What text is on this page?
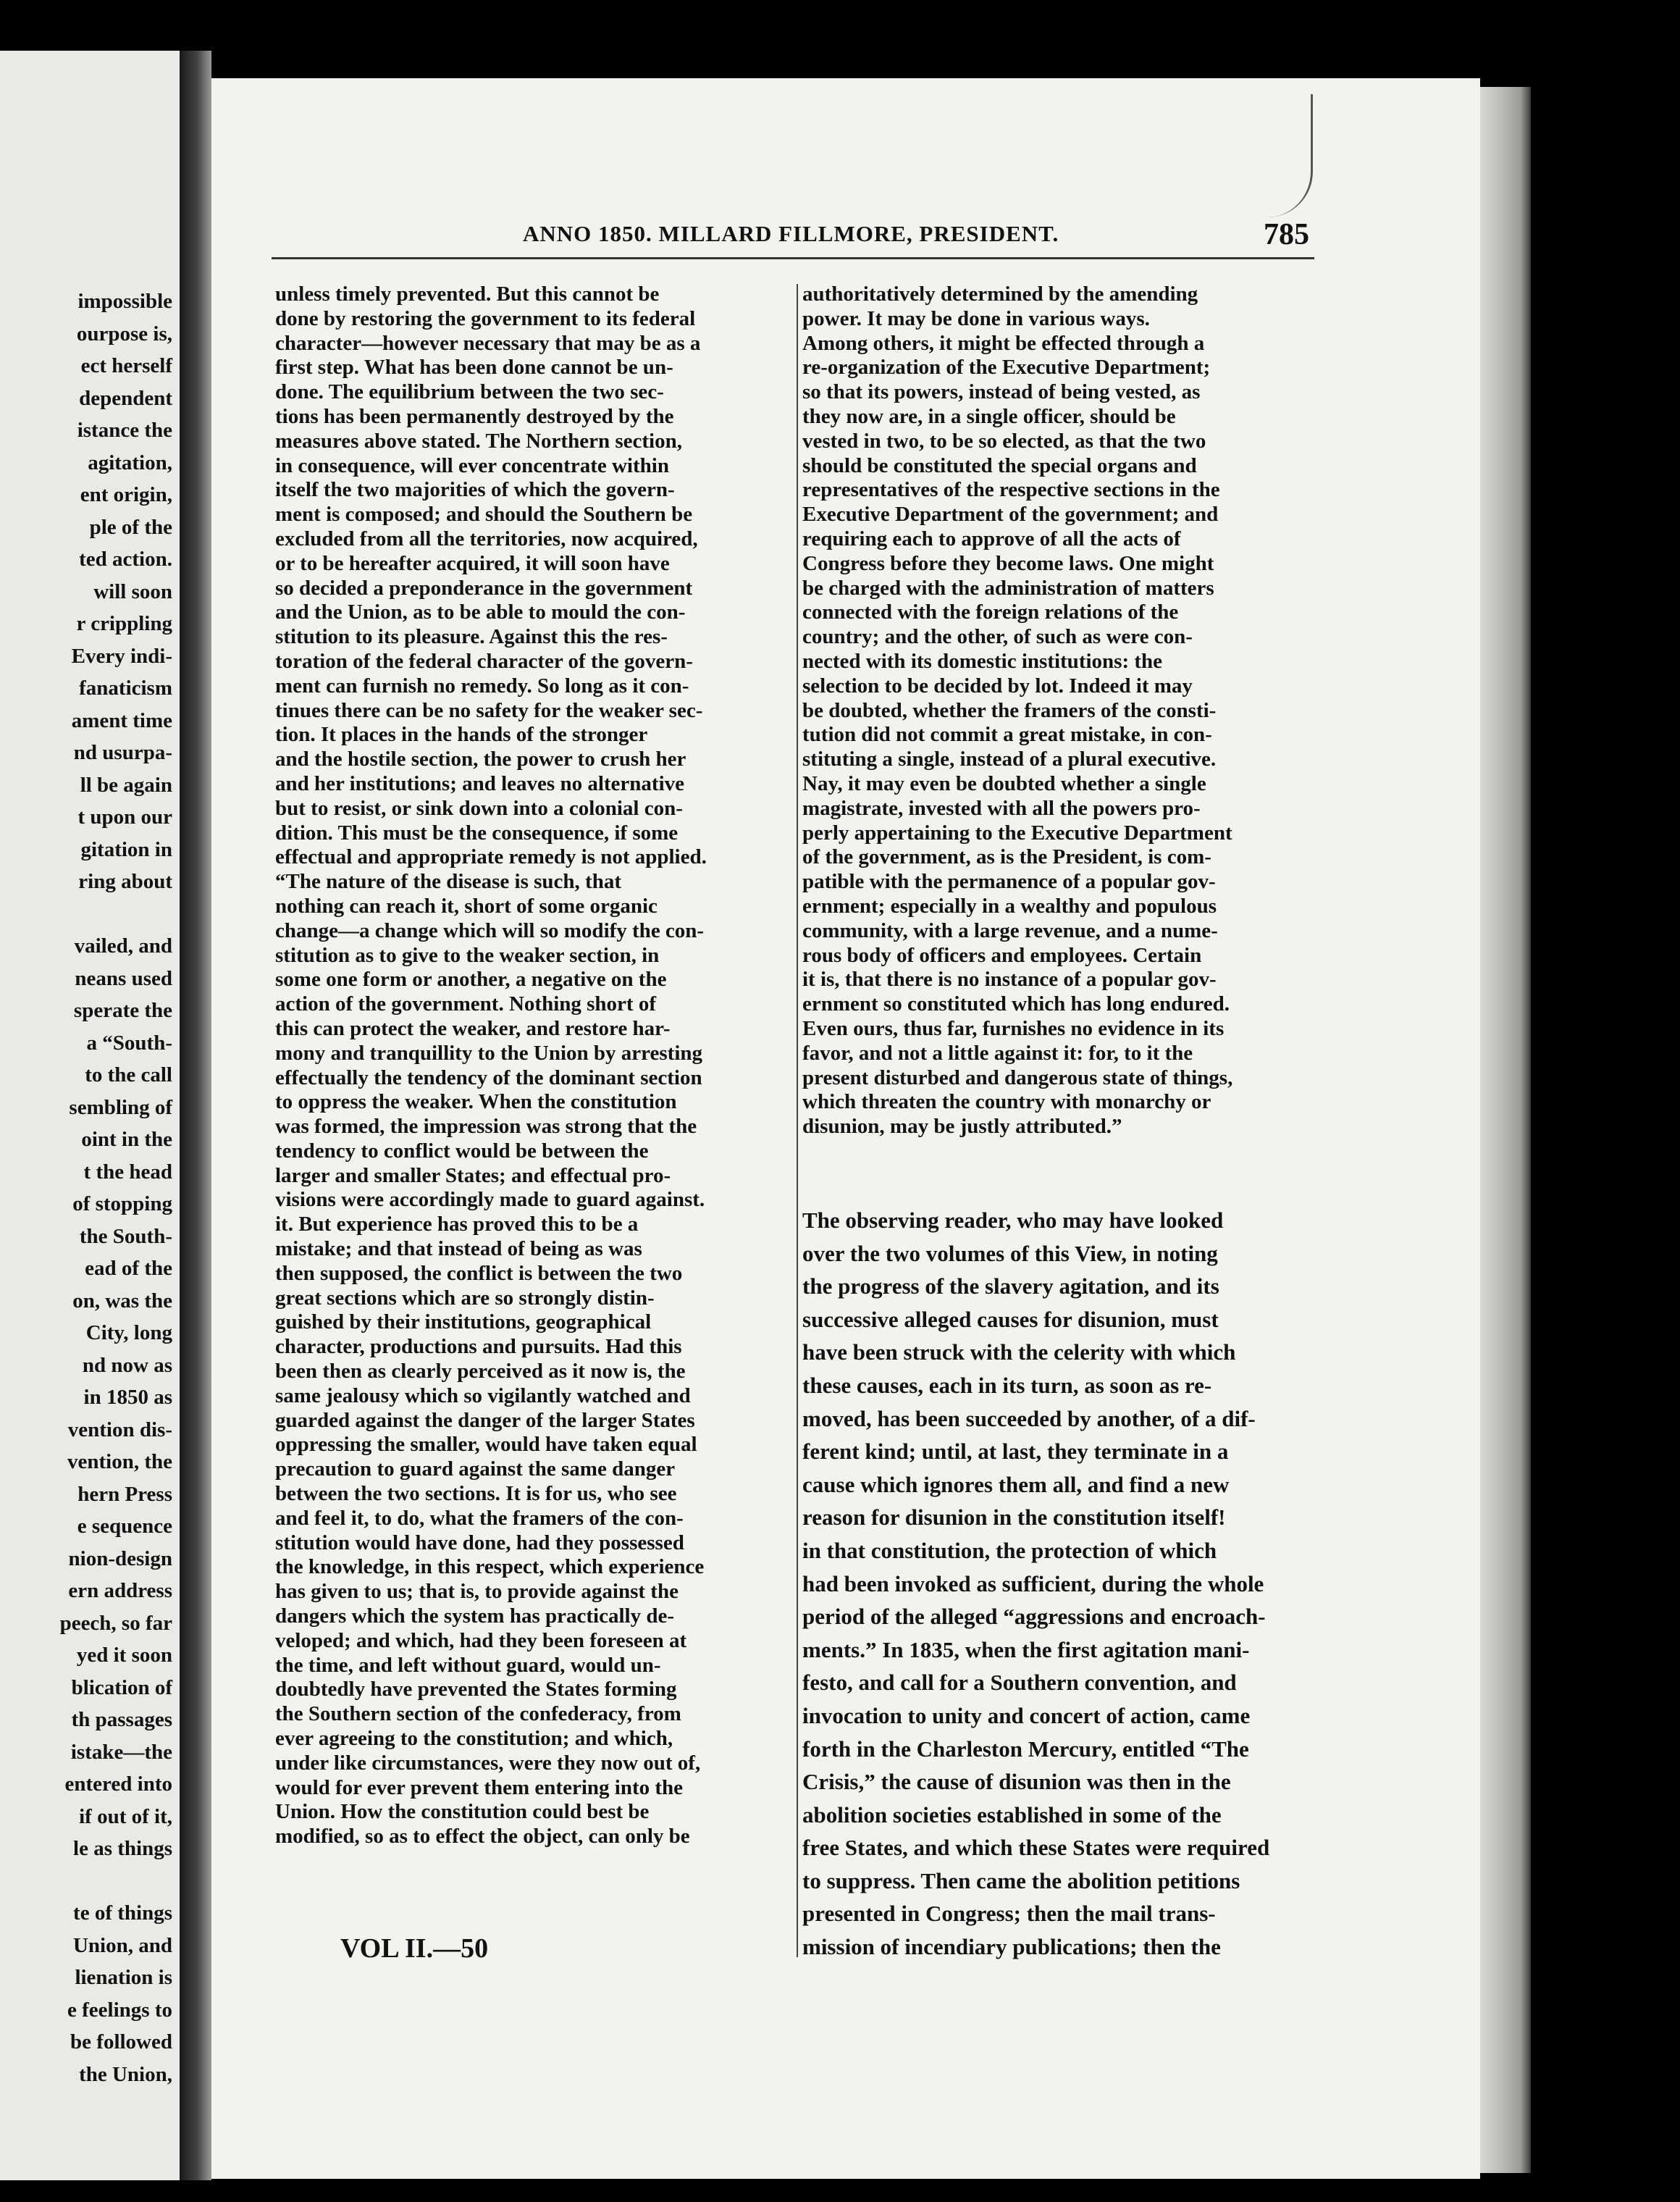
impossible
ourpose is,
ect herself
dependent
istance the
agitation,
ent origin,
ple of the
ted action.
will soon
r crippling
Every indi-
fanaticism
ament time
nd usurpa-
ll be again
t upon our
gitation in
ring about
vailed, and
neans used
sperate the
a “South-
to the call
sembling of
oint in the
t the head
of stopping
the South-
ead of the
on, was the
City, long
nd now as
in 1850 as
vention dis-
vention, the
hern Press
e sequence
nion-design
ern address
peech, so far
yed it soon
blication of
th passages
istake—the
entered into
if out of it,
le as things
te of things
Union, and
lienation is
e feelings to
be followed
the Union,
ANNO 1850. MILLARD FILLMORE, PRESIDENT.	785
unless timely prevented. But this cannot be
done by restoring the government to its federal
character—however necessary that may be as a
first step. What has been done cannot be un-
done. The equilibrium between the two sec-
tions has been permanently destroyed by the
measures above stated. The Northern section,
in consequence, will ever concentrate within
itself the two majorities of which the govern-
ment is composed; and should the Southern be
excluded from all the territories, now acquired,
or to be hereafter acquired, it will soon have
so decided a preponderance in the government
and the Union, as to be able to mould the con-
stitution to its pleasure. Against this the res-
toration of the federal character of the govern-
ment can furnish no remedy. So long as it con-
tinues there can be no safety for the weaker sec-
tion. It places in the hands of the stronger
and the hostile section, the power to crush her
and her institutions; and leaves no alternative
but to resist, or sink down into a colonial con-
dition. This must be the consequence, if some
effectual and appropriate remedy is not applied.
“The nature of the disease is such, that
nothing can reach it, short of some organic
change—a change which will so modify the con-
stitution as to give to the weaker section, in
some one form or another, a negative on the
action of the government. Nothing short of
this can protect the weaker, and restore har-
mony and tranquillity to the Union by arresting
effectually the tendency of the dominant section
to oppress the weaker. When the constitution
was formed, the impression was strong that the
tendency to conflict would be between the
larger and smaller States; and effectual pro-
visions were accordingly made to guard against.
it. But experience has proved this to be a
mistake; and that instead of being as was
then supposed, the conflict is between the two
great sections which are so strongly distin-
guished by their institutions, geographical
character, productions and pursuits. Had this
been then as clearly perceived as it now is, the
same jealousy which so vigilantly watched and
guarded against the danger of the larger States
oppressing the smaller, would have taken equal
precaution to guard against the same danger
between the two sections. It is for us, who see
and feel it, to do, what the framers of the con-
stitution would have done, had they possessed
the knowledge, in this respect, which experience
has given to us; that is, to provide against the
dangers which the system has practically de-
veloped; and which, had they been foreseen at
the time, and left without guard, would un-
doubtedly have prevented the States forming
the Southern section of the confederacy, from
ever agreeing to the constitution; and which,
under like circumstances, were they now out of,
would for ever prevent them entering into the
Union. How the constitution could best be
modified, so as to effect the object, can only be
authoritatively determined by the amending
power. It may be done in various ways.
Among others, it might be effected through a
re-organization of the Executive Department;
so that its powers, instead of being vested, as
they now are, in a single officer, should be
vested in two, to be so elected, as that the two
should be constituted the special organs and
representatives of the respective sections in the
Executive Department of the government; and
requiring each to approve of all the acts of
Congress before they become laws. One might
be charged with the administration of matters
connected with the foreign relations of the
country; and the other, of such as were con-
nected with its domestic institutions: the
selection to be decided by lot. Indeed it may
be doubted, whether the framers of the consti-
tution did not commit a great mistake, in con-
stituting a single, instead of a plural executive.
Nay, it may even be doubted whether a single
magistrate, invested with all the powers pro-
perly appertaining to the Executive Department
of the government, as is the President, is com-
patible with the permanence of a popular gov-
ernment; especially in a wealthy and populous
community, with a large revenue, and a nume-
rous body of officers and employees. Certain
it is, that there is no instance of a popular gov-
ernment so constituted which has long endured.
Even ours, thus far, furnishes no evidence in its
favor, and not a little against it: for, to it the
present disturbed and dangerous state of things,
which threaten the country with monarchy or
disunion, may be justly attributed.”
The observing reader, who may have looked
over the two volumes of this View, in noting
the progress of the slavery agitation, and its
successive alleged causes for disunion, must
have been struck with the celerity with which
these causes, each in its turn, as soon as re-
moved, has been succeeded by another, of a dif-
ferent kind; until, at last, they terminate in a
cause which ignores them all, and find a new
reason for disunion in the constitution itself!
in that constitution, the protection of which
had been invoked as sufficient, during the whole
period of the alleged “aggressions and encroach-
ments.” In 1835, when the first agitation mani-
festo, and call for a Southern convention, and
invocation to unity and concert of action, came
forth in the Charleston Mercury, entitled “The
Crisis,” the cause of disunion was then in the
abolition societies established in some of the
free States, and which these States were required
to suppress. Then came the abolition petitions
presented in Congress; then the mail trans-
mission of incendiary publications; then the
VOL II.—50
